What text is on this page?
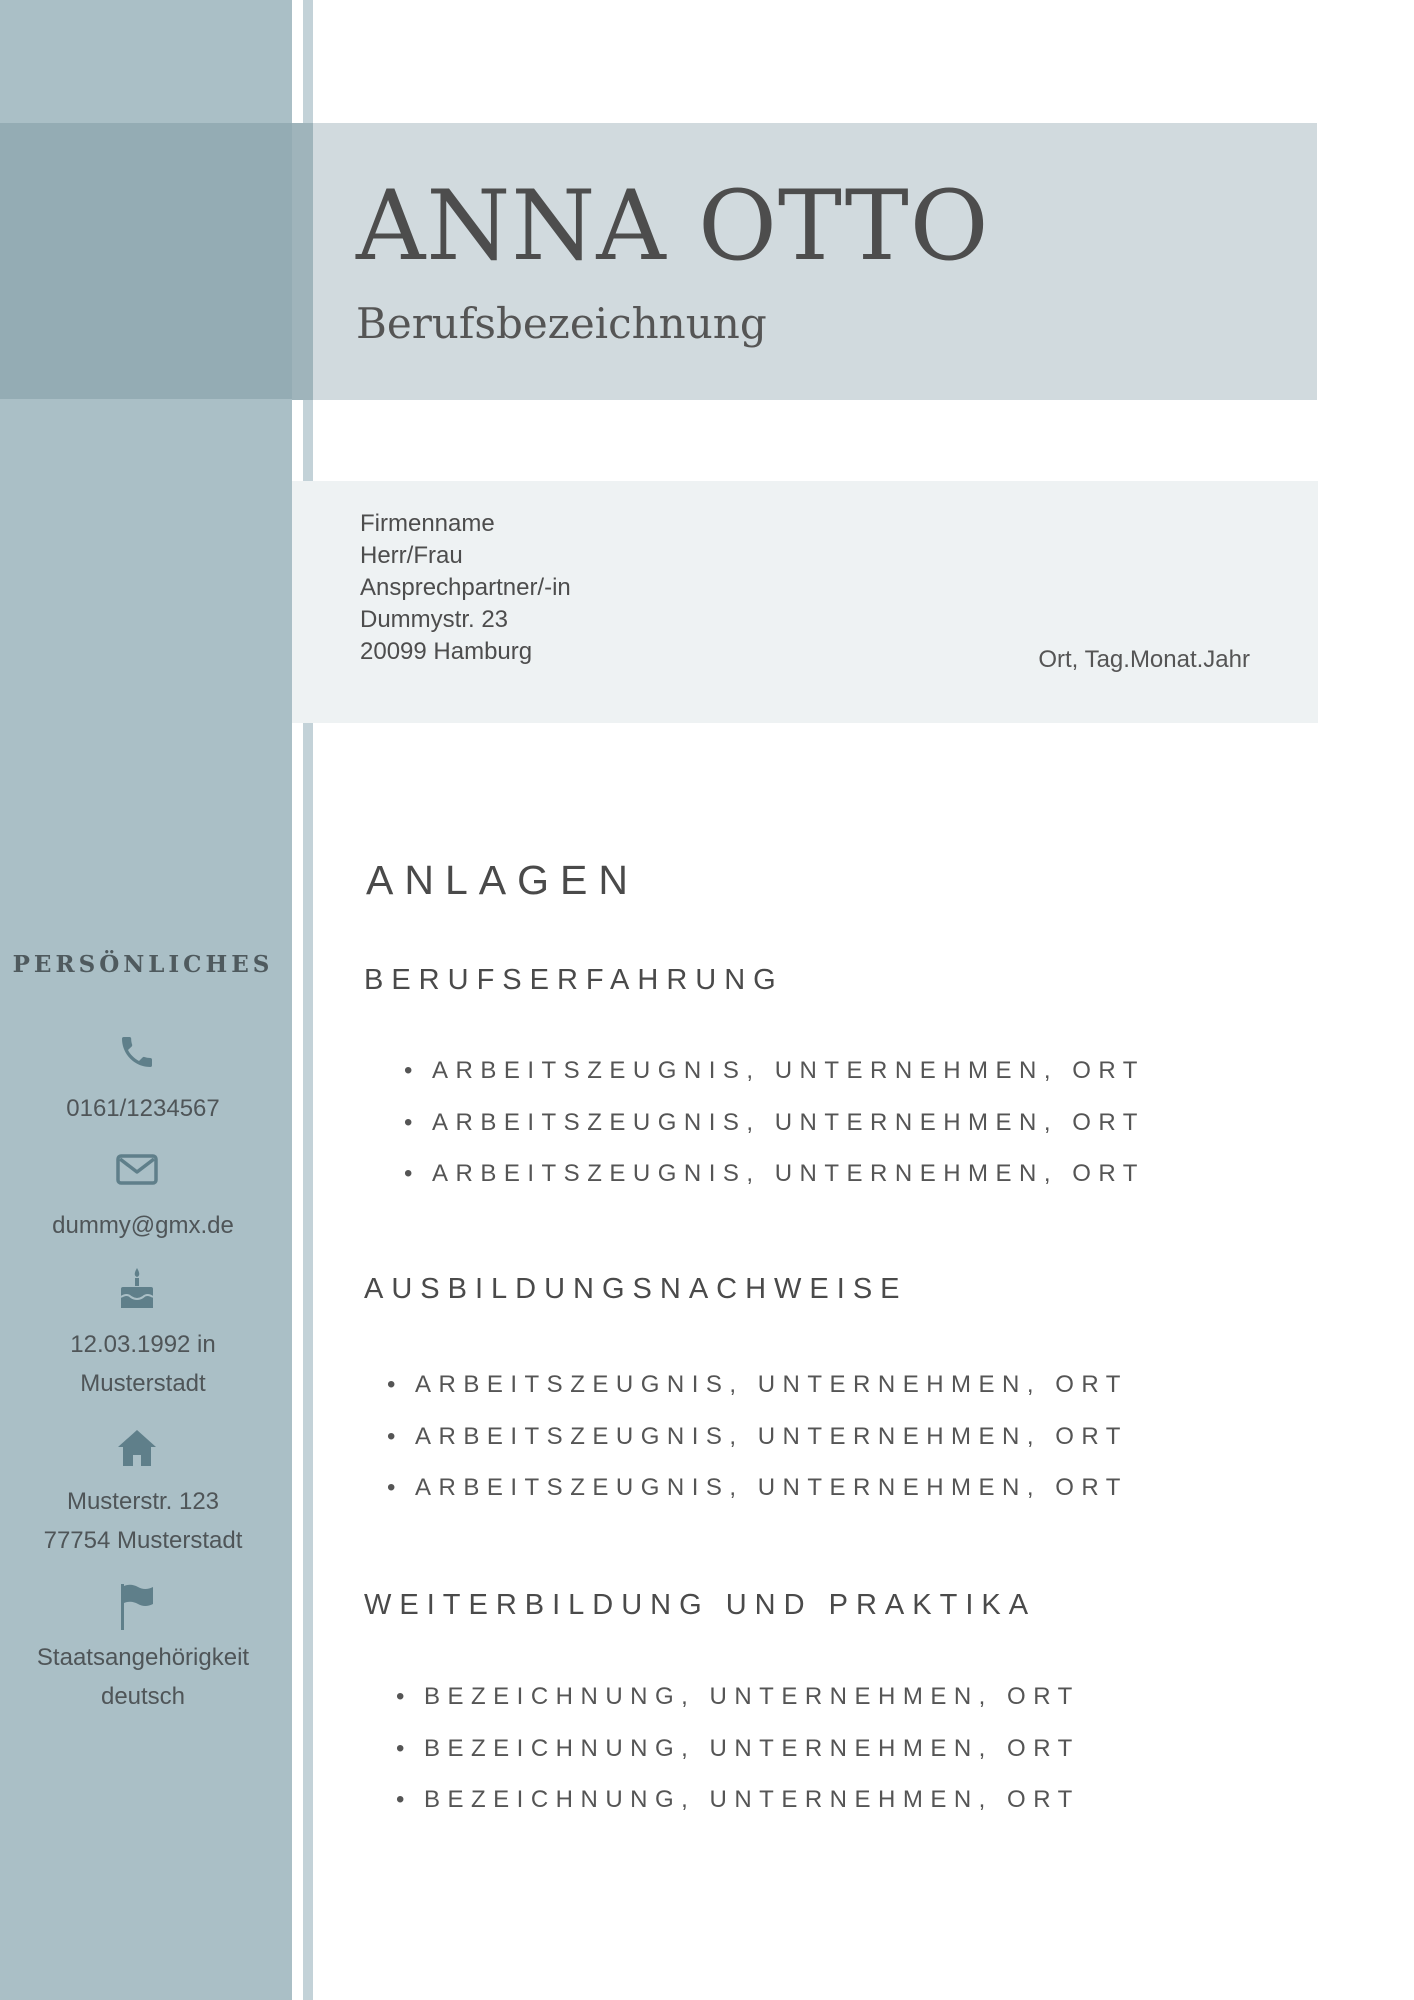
ANNA OTTO
Berufsbezeichnung
Firmenname
Herr/Frau
Ansprechpartner/-in
Dummystr. 23
20099 Hamburg	Ort, Tag.Monat.Jahr
ANLAGEN
BERUFSERFAHRUNG
• ARBEITSZEUGNIS, UNTERNEHMEN, ORT
• ARBEITSZEUGNIS, UNTERNEHMEN, ORT
• ARBEITSZEUGNIS, UNTERNEHMEN, ORT
AUSBILDUNGSNACHWEISE
• ARBEITSZEUGNIS, UNTERNEHMEN, ORT
• ARBEITSZEUGNIS, UNTERNEHMEN, ORT
• ARBEITSZEUGNIS, UNTERNEHMEN, ORT
WEITERBILDUNG UND PRAKTIKA
• BEZEICHNUNG, UNTERNEHMEN, ORT
• BEZEICHNUNG, UNTERNEHMEN, ORT
• BEZEICHNUNG, UNTERNEHMEN, ORT
PERSÖNLICHES
0161/1234567
dummy@gmx.de
12.03.1992 in
Musterstadt
Musterstr. 123
77754 Musterstadt
Staatsangehörigkeit
deutsch
